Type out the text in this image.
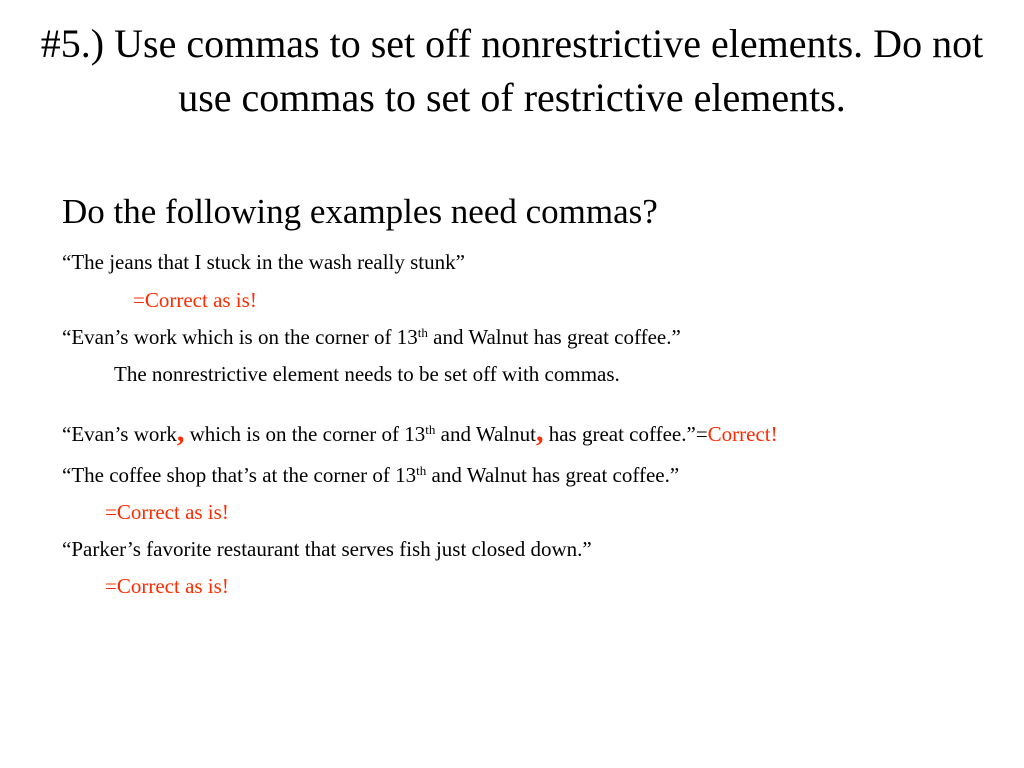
#5.) Use commas to set off nonrestrictive elements. Do not use commas to set of restrictive elements.
Do the following examples need commas?
“The jeans that I stuck in the wash really stunk”
=Correct as is!
“Evan’s work which is on the corner of 13th and Walnut has great coffee.”
The nonrestrictive element needs to be set off with commas.
“Evan’s work, which is on the corner of 13th and Walnut, has great coffee.”=Correct!
“The coffee shop that’s at the corner of 13th and Walnut has great coffee.”
=Correct as is!
“Parker’s favorite restaurant that serves fish just closed down.”
=Correct as is!
